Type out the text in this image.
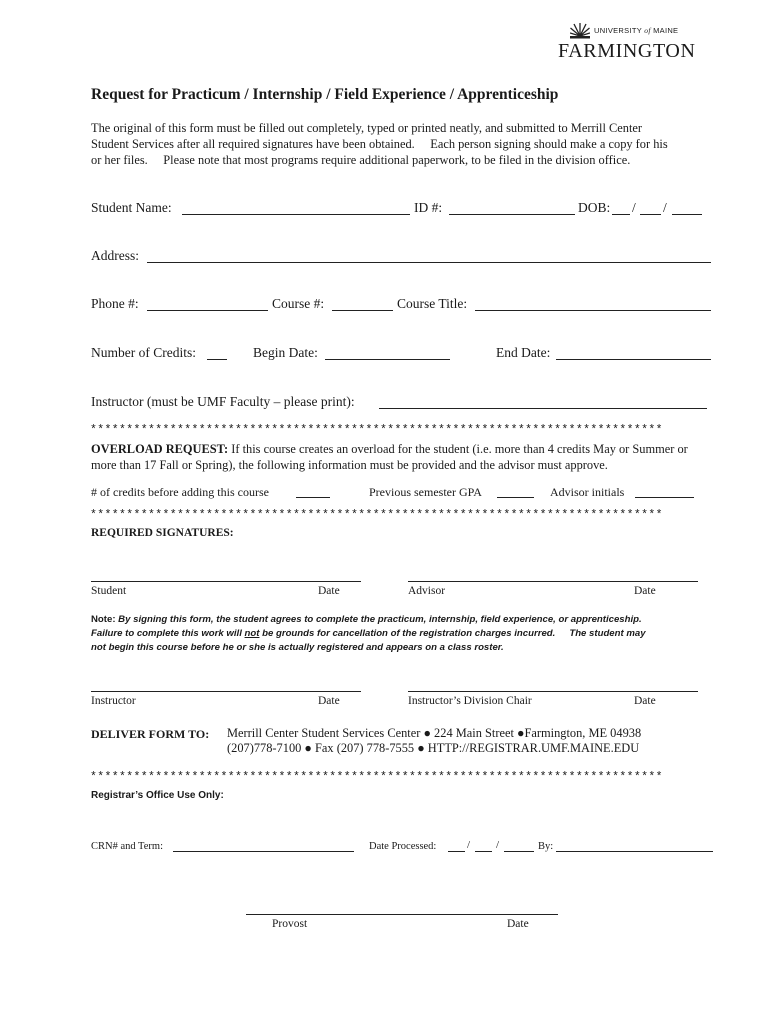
UNIVERSITY of MAINE
FARMINGTON
Request for Practicum / Internship / Field Experience / Apprenticeship
The original of this form must be filled out completely, typed or printed neatly, and submitted to Merrill Center
Student Services after all required signatures have been obtained.     Each person signing should make a copy for his
or her files.     Please note that most programs require additional paperwork, to be filed in the division office.
Student Name:	ID #:	DOB: / /
Address:
Phone #:	Course #:	Course Title:
Number of Credits:	Begin Date:	End Date:
Instructor (must be UMF Faculty – please print):
*******************************************************************************
OVERLOAD REQUEST: If this course creates an overload for the student (i.e. more than 4 credits May or Summer or
more than 17 Fall or Spring), the following information must be provided and the advisor must approve.
# of credits before adding this course	Previous semester GPA	Advisor initials
*******************************************************************************
REQUIRED SIGNATURES:
Student	Date	Advisor	Date
Note: By signing this form, the student agrees to complete the practicum, internship, field experience, or apprenticeship.
Failure to complete this work will not be grounds for cancellation of the registration charges incurred. The student may
not begin this course before he or she is actually registered and appears on a class roster.
Instructor	Date	Instructor’s Division Chair	Date
DELIVER FORM TO: Merrill Center Student Services Center ● 224 Main Street ●Farmington, ME 04938
(207)778-7100 ● Fax (207) 778-7555 ● HTTP://REGISTRAR.UMF.MAINE.EDU
*******************************************************************************
Registrar’s Office Use Only:
CRN# and Term:	Date Processed:	/ /	By:
Provost	Date
